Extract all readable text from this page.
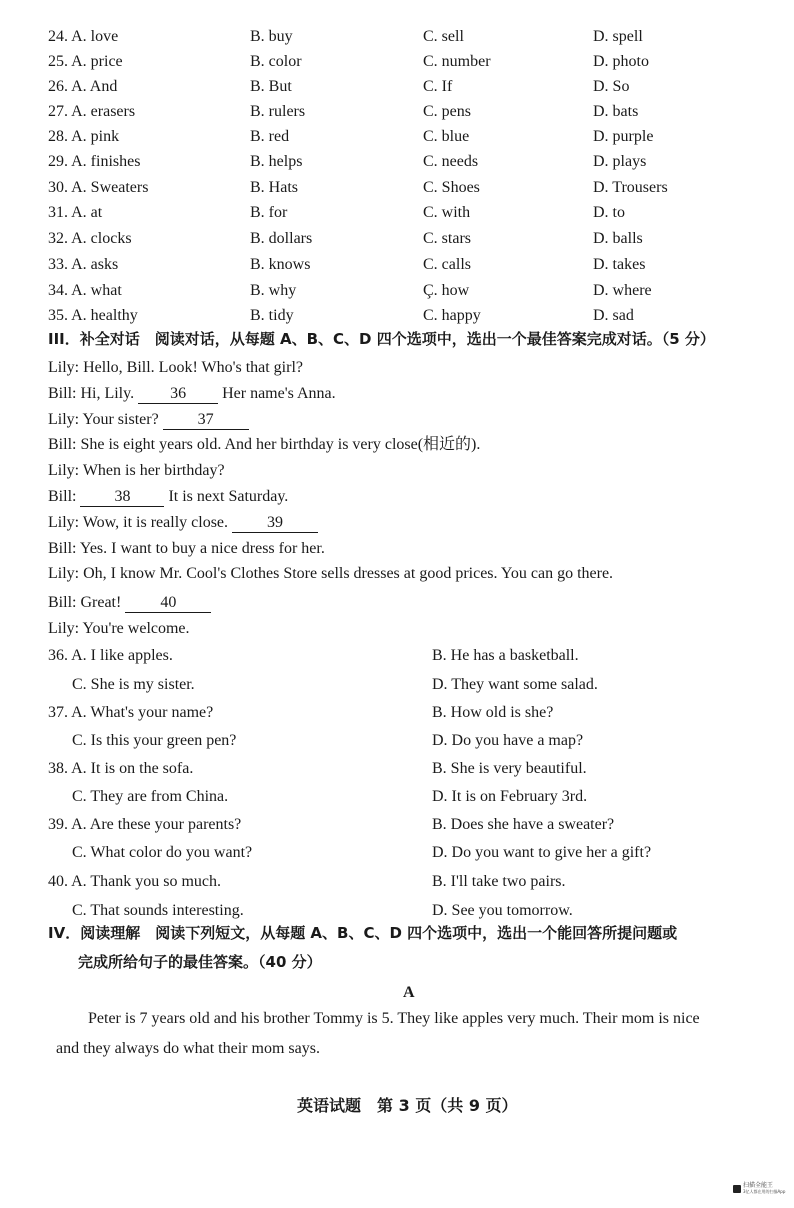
24. A. love	B. buy	C. sell	D. spell
25. A. price	B. color	C. number	D. photo
26. A. And	B. But	C. If	D. So
27. A. erasers	B. rulers	C. pens	D. bats
28. A. pink	B. red	C. blue	D. purple
29. A. finishes	B. helps	C. needs	D. plays
30. A. Sweaters	B. Hats	C. Shoes	D. Trousers
31. A. at	B. for	C. with	D. to
32. A. clocks	B. dollars	C. stars	D. balls
33. A. asks	B. knows	C. calls	D. takes
34. A. what	B. why	Ç. how	D. where
35. A. healthy	B. tidy	C. happy	D. sad
III．补全对话　阅读对话，从每题 A、B、C、D 四个选项中，选出一个最佳答案完成对话。（5 分）
Lily: Hello, Bill. Look! Who's that girl?
Bill: Hi, Lily. 36 Her name's Anna.
Lily: Your sister? 37
Bill: She is eight years old. And her birthday is very close(相近的).
Lily: When is her birthday?
Bill: 38 It is next Saturday.
Lily: Wow, it is really close. 39
Bill: Yes. I want to buy a nice dress for her.
Lily: Oh, I know Mr. Cool's Clothes Store sells dresses at good prices. You can go there.
Bill: Great! 40
Lily: You're welcome.
36. A. I like apples.	B. He has a basketball.
C. She is my sister.	D. They want some salad.
37. A. What's your name?	B. How old is she?
C. Is this your green pen?	D. Do you have a map?
38. A. It is on the sofa.	B. She is very beautiful.
C. They are from China.	D. It is on February 3rd.
39. A. Are these your parents?	B. Does she have a sweater?
C. What color do you want?	D. Do you want to give her a gift?
40. A. Thank you so much.	B. I'll take two pairs.
C. That sounds interesting.	D. See you tomorrow.
IV．阅读理解　阅读下列短文，从每题 A、B、C、D 四个选项中，选出一个能回答所提问题或
完成所给句子的最佳答案。（40 分）
A
Peter is 7 years old and his brother Tommy is 5. They like apples very much. Their mom is nice
and they always do what their mom says.
英语试题　第 3 页（共 9 页）
扫描全能王
3亿人都在用的扫描App
